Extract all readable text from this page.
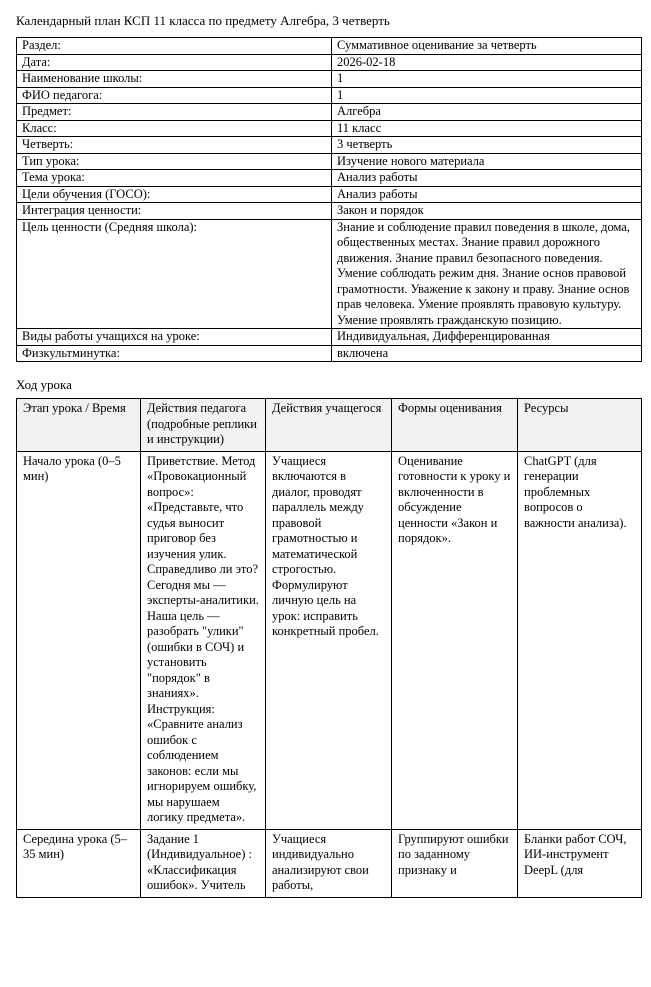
Календарный план КСП 11 класса по предмету Алгебра, 3 четверть
Раздел:	Суммативное оценивание за четверть
Дата:	2026-02-18
Наименование школы:	1
ФИО педагога:	1
Предмет:	Алгебра
Класс:	11 класс
Четверть:	3 четверть
Тип урока:	Изучение нового материала
Тема урока:	Анализ работы
Цели обучения (ГОСО):	Анализ работы
Интеграция ценности:	Закон и порядок
Цель ценности (Средняя школа):	Знание и соблюдение правил поведения в школе, дома, общественных местах. Знание правил дорожного движения. Знание правил безопасного поведения. Умение соблюдать режим дня. Знание основ правовой грамотности. Уважение к закону и праву. Знание основ прав человека. Умение проявлять правовую культуру. Умение проявлять гражданскую позицию.
Виды работы учащихся на уроке:	Индивидуальная, Дифференцированная
Физкультминутка:	включена
Ход урока
Этап урока / Время	Действия педагога (подробные реплики и инструкции)	Действия учащегося	Формы оценивания	Ресурсы
Начало урока (0–5 мин)	Приветствие. Метод «Провокационный вопрос»: «Представьте, что судья выносит приговор без изучения улик. Справедливо ли это? Сегодня мы — эксперты-аналитики. Наша цель — разобрать "улики" (ошибки в СОЧ) и установить "порядок" в знаниях». Инструкция: «Сравните анализ ошибок с соблюдением законов: если мы игнорируем ошибку, мы нарушаем логику предмета».	Учащиеся включаются в диалог, проводят параллель между правовой грамотностью и математической строгостью. Формулируют личную цель на урок: исправить конкретный пробел.	Оценивание готовности к уроку и включенности в обсуждение ценности «Закон и порядок».	ChatGPT (для генерации проблемных вопросов о важности анализа).
Середина урока (5–35 мин)	Задание 1 (Индивидуальное) : «Классификация ошибок». Учитель	Учащиеся индивидуально анализируют свои работы,	Группируют ошибки по заданному признаку и	Бланки работ СОЧ, ИИ-инструмент DeepL (для
